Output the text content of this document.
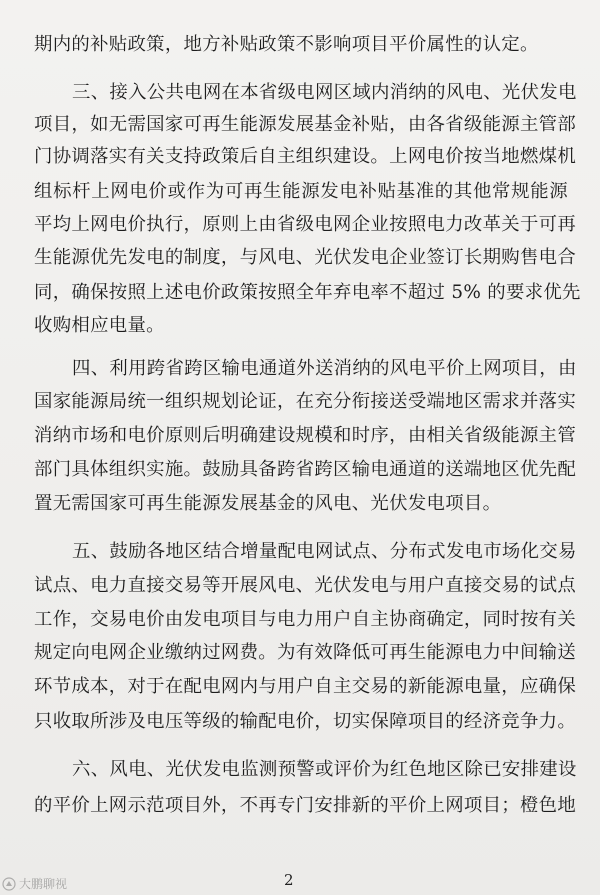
期内的补贴政策，地方补贴政策不影响项目平价属性的认定。
三、接入公共电网在本省级电网区域内消纳的风电、光伏发电
项目，如无需国家可再生能源发展基金补贴，由各省级能源主管部
门协调落实有关支持政策后自主组织建设。上网电价按当地燃煤机
组标杆上网电价或作为可再生能源发电补贴基准的其他常规能源
平均上网电价执行，原则上由省级电网企业按照电力改革关于可再
生能源优先发电的制度，与风电、光伏发电企业签订长期购售电合
同，确保按照上述电价政策按照全年弃电率不超过 5% 的要求优先
收购相应电量。
四、利用跨省跨区输电通道外送消纳的风电平价上网项目，由
国家能源局统一组织规划论证，在充分衔接送受端地区需求并落实
消纳市场和电价原则后明确建设规模和时序，由相关省级能源主管
部门具体组织实施。鼓励具备跨省跨区输电通道的送端地区优先配
置无需国家可再生能源发展基金的风电、光伏发电项目。
五、鼓励各地区结合增量配电网试点、分布式发电市场化交易
试点、电力直接交易等开展风电、光伏发电与用户直接交易的试点
工作，交易电价由发电项目与电力用户自主协商确定，同时按有关
规定向电网企业缴纳过网费。为有效降低可再生能源电力中间输送
环节成本，对于在配电网内与用户自主交易的新能源电量，应确保
只收取所涉及电压等级的输配电价，切实保障项目的经济竞争力。
六、风电、光伏发电监测预警或评价为红色地区除已安排建设
的平价上网示范项目外，不再专门安排新的平价上网项目；橙色地
2
大鹏聊视
